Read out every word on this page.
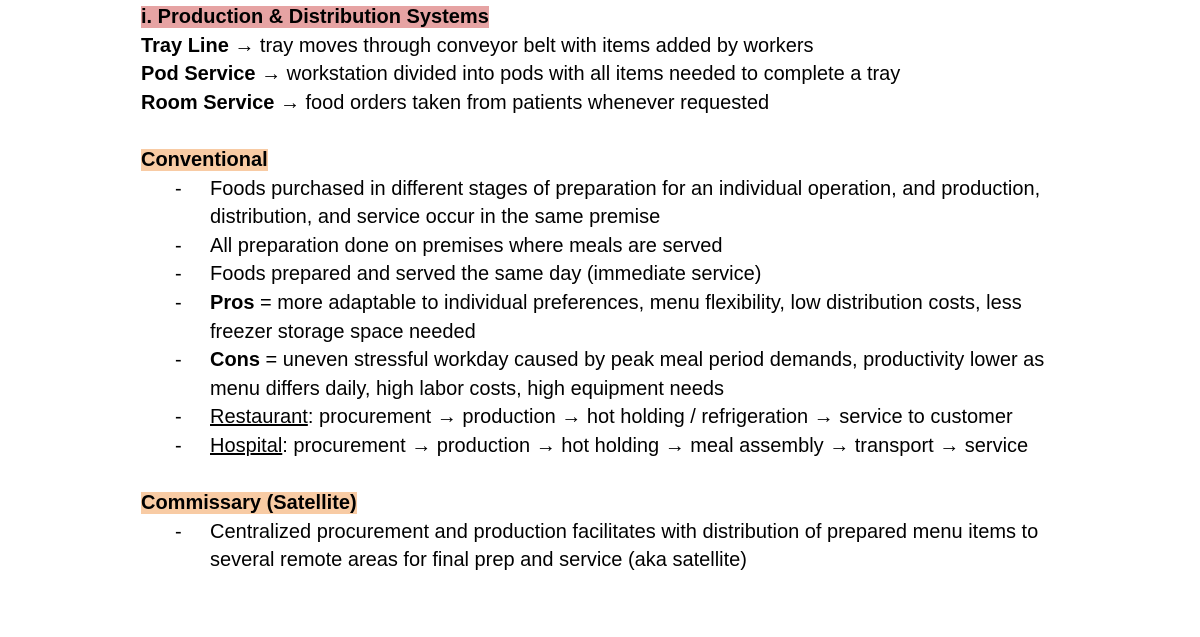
i. Production & Distribution Systems
Tray Line → tray moves through conveyor belt with items added by workers
Pod Service → workstation divided into pods with all items needed to complete a tray
Room Service → food orders taken from patients whenever requested
Conventional
- Foods purchased in different stages of preparation for an individual operation, and production, distribution, and service occur in the same premise
- All preparation done on premises where meals are served
- Foods prepared and served the same day (immediate service)
- Pros = more adaptable to individual preferences, menu flexibility, low distribution costs, less freezer storage space needed
- Cons = uneven stressful workday caused by peak meal period demands, productivity lower as menu differs daily, high labor costs, high equipment needs
- Restaurant: procurement → production → hot holding / refrigeration → service to customer
- Hospital: procurement → production → hot holding → meal assembly → transport → service
Commissary (Satellite)
- Centralized procurement and production facilitates with distribution of prepared menu items to several remote areas for final prep and service (aka satellite)
